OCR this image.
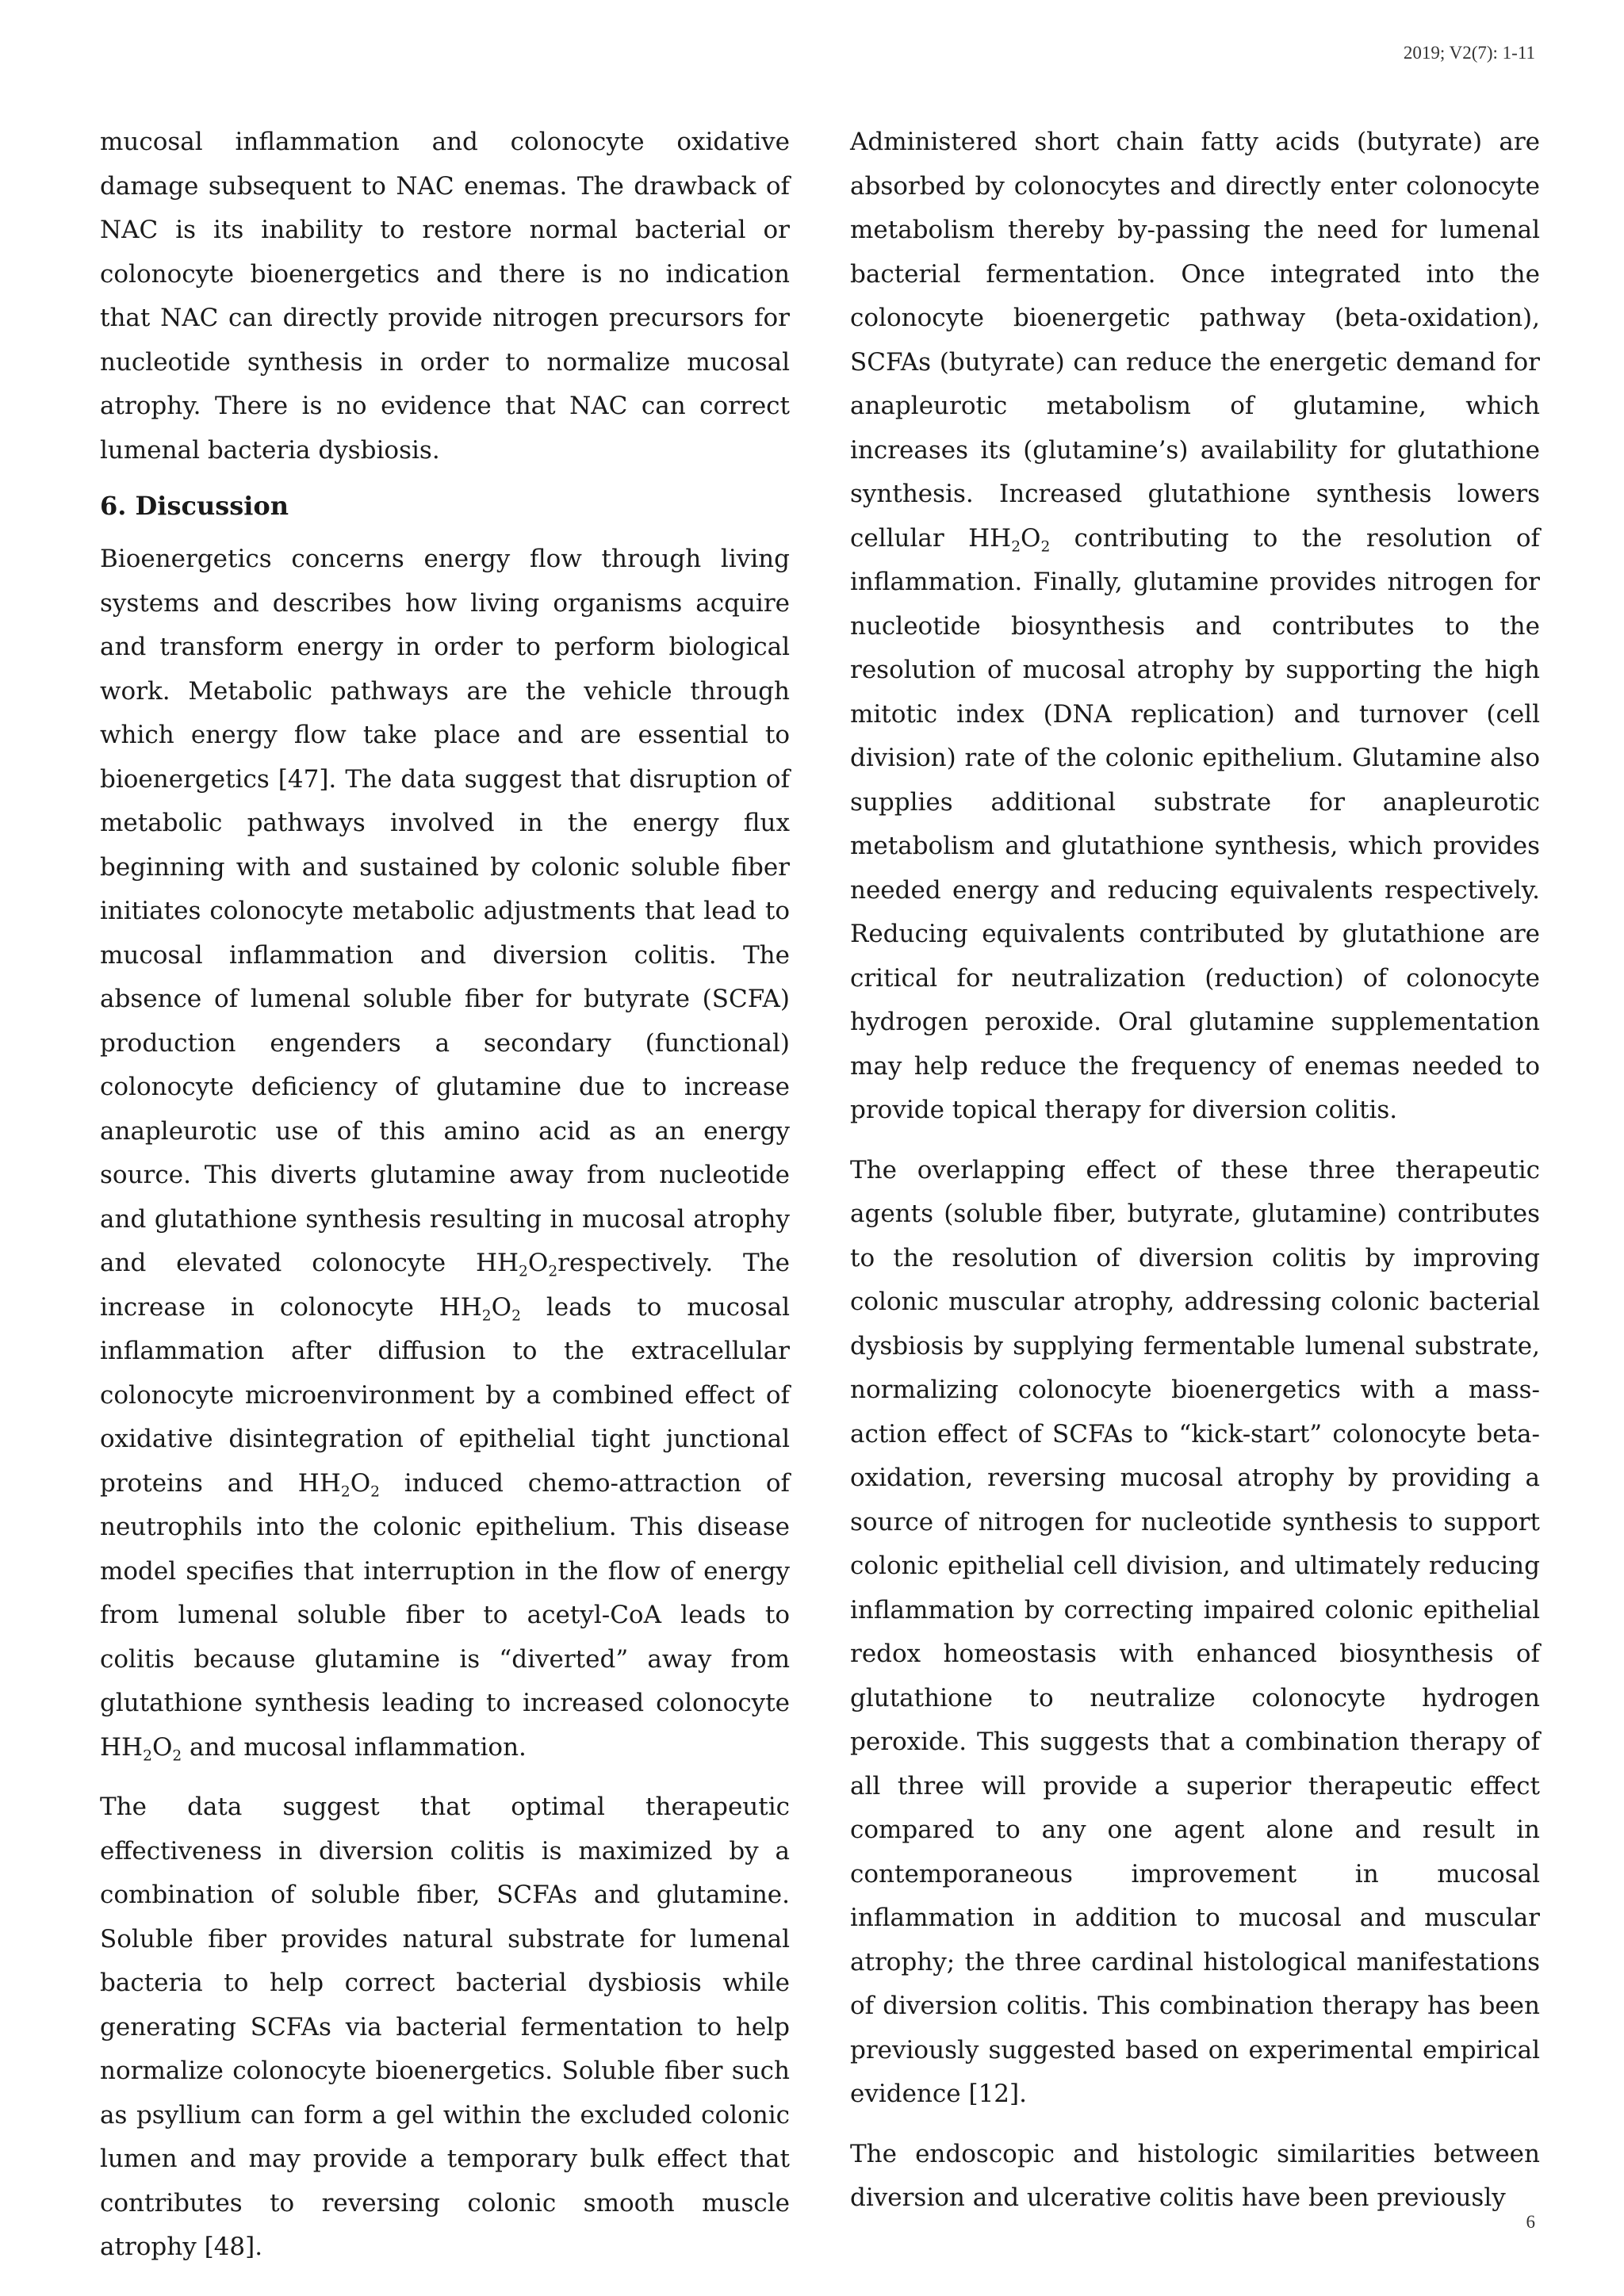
2019; V2(7): 1-11

mucosal inflammation and colonocyte oxidative damage subsequent to NAC enemas. The drawback of NAC is its inability to restore normal bacterial or colonocyte bioenergetics and there is no indication that NAC can directly provide nitrogen precursors for nucleotide synthesis in order to normalize mucosal atrophy. There is no evidence that NAC can correct lumenal bacteria dysbiosis.

6. Discussion

Bioenergetics concerns energy flow through living systems and describes how living organisms acquire and transform energy in order to perform biological work. Metabolic pathways are the vehicle through which energy flow take place and are essential to bioenergetics [47]. The data suggest that disruption of metabolic pathways involved in the energy flux beginning with and sustained by colonic soluble fiber initiates colonocyte metabolic adjustments that lead to mucosal inflammation and diversion colitis. The absence of lumenal soluble fiber for butyrate (SCFA) production engenders a secondary (functional) colonocyte deficiency of glutamine due to increase anapleurotic use of this amino acid as an energy source. This diverts glutamine away from nucleotide and glutathione synthesis resulting in mucosal atrophy and elevated colonocyte $HH_2O_2respectively$. The increase in colonocyte $HH_2O_2$ leads to mucosal inflammation after diffusion to the extracellular colonocyte microenvironment by a combined effect of oxidative disintegration of epithelial tight junctional proteins and $HH_2O_2$ induced chemo-attraction of neutrophils into the colonic epithelium. This disease model specifies that interruption in the flow of energy from lumenal soluble fiber to acetyl-CoA leads to colitis because glutamine is “diverted” away from glutathione synthesis leading to increased colonocyte $HH_2O_2$ and mucosal inflammation.

The data suggest that optimal therapeutic effectiveness in diversion colitis is maximized by a combination of soluble fiber, SCFAs and glutamine. Soluble fiber provides natural substrate for lumenal bacteria to help correct bacterial dysbiosis while generating SCFAs via bacterial fermentation to help normalize colonocyte bioenergetics. Soluble fiber such as psyllium can form a gel within the excluded colonic lumen and may provide a temporary bulk effect that contributes to reversing colonic smooth muscle atrophy [48].

Administered short chain fatty acids (butyrate) are absorbed by colonocytes and directly enter colonocyte metabolism thereby by-passing the need for lumenal bacterial fermentation. Once integrated into the colonocyte bioenergetic pathway (beta-oxidation), SCFAs (butyrate) can reduce the energetic demand for anapleurotic metabolism of glutamine, which increases its (glutamine’s) availability for glutathione synthesis. Increased glutathione synthesis lowers cellular $HH_2O_2$ contributing to the resolution of inflammation. Finally, glutamine provides nitrogen for nucleotide biosynthesis and contributes to the resolution of mucosal atrophy by supporting the high mitotic index (DNA replication) and turnover (cell division) rate of the colonic epithelium. Glutamine also supplies additional substrate for anapleurotic metabolism and glutathione synthesis, which provides needed energy and reducing equivalents respectively. Reducing equivalents contributed by glutathione are critical for neutralization (reduction) of colonocyte hydrogen peroxide. Oral glutamine supplementation may help reduce the frequency of enemas needed to provide topical therapy for diversion colitis.

The overlapping effect of these three therapeutic agents (soluble fiber, butyrate, glutamine) contributes to the resolution of diversion colitis by improving colonic muscular atrophy, addressing colonic bacterial dysbiosis by supplying fermentable lumenal substrate, normalizing colonocyte bioenergetics with a mass-action effect of SCFAs to “kick-start” colonocyte beta-oxidation, reversing mucosal atrophy by providing a source of nitrogen for nucleotide synthesis to support colonic epithelial cell division, and ultimately reducing inflammation by correcting impaired colonic epithelial redox homeostasis with enhanced biosynthesis of glutathione to neutralize colonocyte hydrogen peroxide. This suggests that a combination therapy of all three will provide a superior therapeutic effect compared to any one agent alone and result in contemporaneous improvement in mucosal inflammation in addition to mucosal and muscular atrophy; the three cardinal histological manifestations of diversion colitis. This combination therapy has been previously suggested based on experimental empirical evidence [12].

The endoscopic and histologic similarities between diversion and ulcerative colitis have been previously

6
